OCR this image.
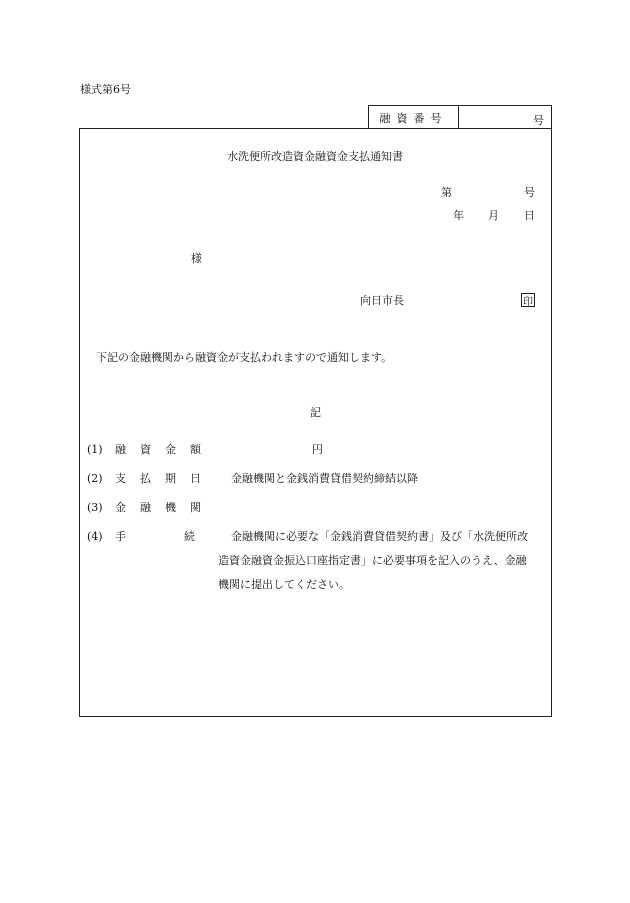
様式第6号
融資番号	号
水洗便所改造資金融資金支払通知書
第	号
年 月 日
様
向日市長	印
下記の金融機関から融資金が支払われますので通知します。
記
(1) 融資金額	円
(2) 支払期日 金融機関と金銭消費貸借契約締結以降
(3) 金融機関
(4) 手	続	金融機関に必要な「金銭消費貸借契約書」及び「水洗便所改
造資金融資金振込口座指定書」に必要事項を記入のうえ、金融
機関に提出してください。
